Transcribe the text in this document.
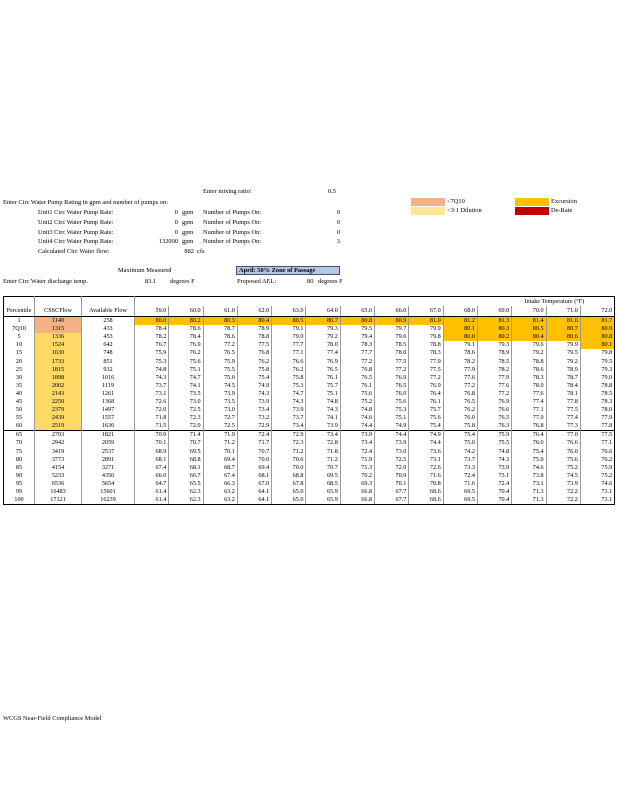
Enter mixing ratio:	0.5
Enter Circ Water Pump Rating in gpm and number of pumps on:
Unit1 Circ Water Pump Rate:	0 gpm Number of Pumps On:	0
Unit2 Circ Water Pump Rate:	0 gpm Number of Pumps On:	0
Unit3 Circ Water Pump Rate:	0 gpm Number of Pumps On:	0
Unit4 Circ Water Pump Rate:	132000 gpm Number of Pumps On:	3
Calculated Circ Water flow:	882 cfs
Maximum Measured	April: 50% Zone of Passage
Enter Circ Water discharge temp.	83.1 degrees F	Proposed AEL:	80 degrees F
<7Q10
<3:1 Dilution
Excursion
De-Rate
			Intake Temperature (°F)													
Percentile	CSSCFlow	Available Flow	59.0	60.0	61.0	62.0	63.0	64.0	65.0	66.0	67.0	68.0	69.0	70.0	71.0	72.0
1	1140	258	80.0	80.2	80.3	80.4	80.5	80.7	80.8	80.9	81.0	81.2	81.3	81.4	81.6	81.7
7Q10	1315	433	78.4	78.6	78.7	78.9	79.1	79.3	79.5	79.7	79.9	80.1	80.3	80.5	80.7	80.9
5	1336	453	78.2	78.4	78.6	78.8	79.0	79.2	79.4	79.6	79.8	80.0	80.2	80.4	80.6	80.8
10	1524	642	76.7	76.9	77.2	77.5	77.7	78.0	78.3	78.5	78.8	79.1	79.3	79.6	79.9	80.1
15	1630	748	75.9	76.2	76.5	76.8	77.1	77.4	77.7	78.0	78.3	78.6	78.9	79.2	79.5	79.8
20	1733	851	75.3	75.6	75.9	76.2	76.6	76.9	77.2	77.5	77.9	78.2	78.5	78.8	79.2	79.5
25	1815	932	74.8	75.1	75.5	75.8	76.2	76.5	76.8	77.2	77.5	77.9	78.2	78.6	78.9	79.3
30	1898	1016	74.3	74.7	75.0	75.4	75.8	76.1	76.5	76.9	77.2	77.6	77.9	78.3	78.7	79.0
35	2002	1119	73.7	74.1	74.5	74.9	75.3	75.7	76.1	76.5	76.9	77.2	77.6	78.0	78.4	78.8
40	2143	1261	73.1	73.5	73.9	74.3	74.7	75.1	75.6	76.0	76.4	76.8	77.2	77.6	78.1	78.5
45	2250	1368	72.6	73.0	73.5	73.9	74.3	74.8	75.2	75.6	76.1	76.5	76.9	77.4	77.8	78.3
50	2379	1497	72.0	72.5	73.0	73.4	73.9	74.3	74.8	75.3	75.7	76.2	76.6	77.1	77.5	78.0
55	2439	1557	71.8	72.3	72.7	73.2	73.7	74.1	74.6	75.1	75.6	76.0	76.5	77.0	77.4	77.9
60	2519	1636	71.5	72.0	72.5	72.9	73.4	73.9	74.4	74.9	75.4	75.8	76.3	76.8	77.3	77.8
65	2703	1821	70.9	71.4	71.9	72.4	72.9	73.4	73.9	74.4	74.9	75.4	75.9	76.4	77.0	77.5
70	2942	2059	70.1	70.7	71.2	71.7	72.3	72.8	73.4	73.9	74.4	75.0	75.5	76.0	76.6	77.1
75	3419	2537	68.9	69.5	70.1	70.7	71.2	71.8	72.4	73.0	73.6	74.2	74.8	75.4	76.0	76.6
80	3773	2891	68.1	68.8	69.4	70.0	70.6	71.2	71.9	72.5	73.1	73.7	74.3	75.0	75.6	76.2
85	4154	3271	67.4	68.1	68.7	69.4	70.0	70.7	71.3	72.0	72.6	73.3	73.9	74.6	75.2	75.9
90	5233	4350	66.0	66.7	67.4	68.1	68.8	69.5	70.2	70.9	71.6	72.4	73.1	73.8	74.5	75.2
95	6536	5654	64.7	65.5	66.3	67.0	67.8	68.5	69.3	70.1	70.8	71.6	72.4	73.1	73.9	74.6
99	16483	15601	61.4	62.3	63.2	64.1	65.0	65.9	66.8	67.7	68.6	69.5	70.4	71.3	72.2	73.1
100	17121	16239	61.4	62.3	63.2	64.1	65.0	65.9	66.8	67.7	68.6	69.5	70.4	71.3	72.2	73.1
WCGS Near-Field Compliance Model
